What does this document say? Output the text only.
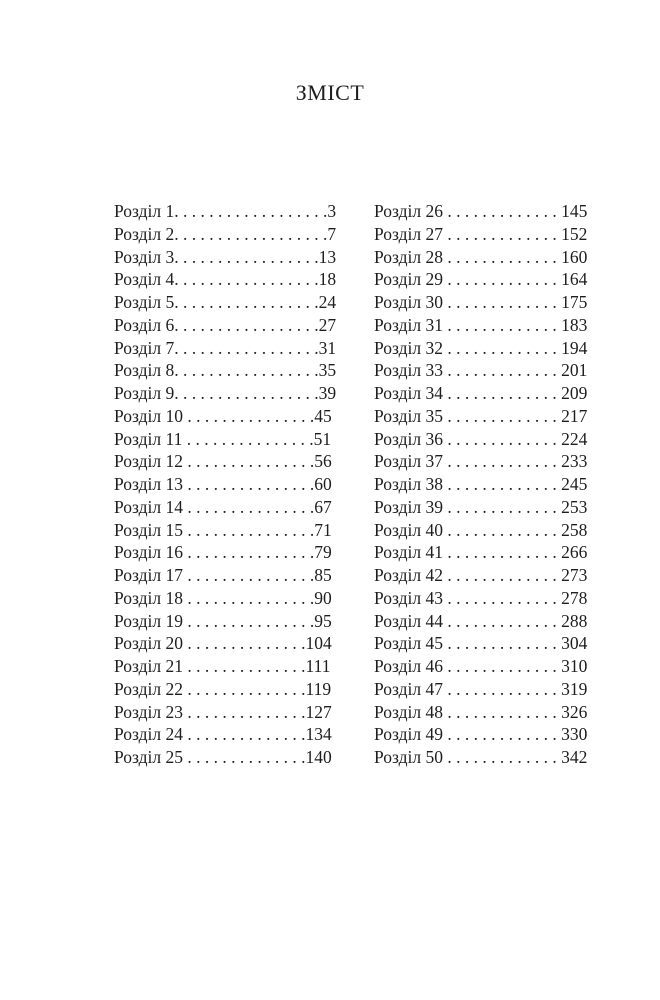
ЗМІСТ
Розділ 1. . . . . . . . . . . . . . . . . .3
Розділ 2. . . . . . . . . . . . . . . . . .7
Розділ 3. . . . . . . . . . . . . . . . .13
Розділ 4. . . . . . . . . . . . . . . . .18
Розділ 5. . . . . . . . . . . . . . . . .24
Розділ 6. . . . . . . . . . . . . . . . .27
Розділ 7. . . . . . . . . . . . . . . . .31
Розділ 8. . . . . . . . . . . . . . . . .35
Розділ 9. . . . . . . . . . . . . . . . .39
Розділ 10 . . . . . . . . . . . . . . .45
Розділ 11 . . . . . . . . . . . . . . .51
Розділ 12 . . . . . . . . . . . . . . .56
Розділ 13 . . . . . . . . . . . . . . .60
Розділ 14 . . . . . . . . . . . . . . .67
Розділ 15 . . . . . . . . . . . . . . .71
Розділ 16 . . . . . . . . . . . . . . .79
Розділ 17 . . . . . . . . . . . . . . .85
Розділ 18 . . . . . . . . . . . . . . .90
Розділ 19 . . . . . . . . . . . . . . .95
Розділ 20 . . . . . . . . . . . . . .104
Розділ 21 . . . . . . . . . . . . . .111
Розділ 22 . . . . . . . . . . . . . .119
Розділ 23 . . . . . . . . . . . . . .127
Розділ 24 . . . . . . . . . . . . . .134
Розділ 25 . . . . . . . . . . . . . .140
Розділ 26 . . . . . . . . . . . . . 145
Розділ 27 . . . . . . . . . . . . . 152
Розділ 28 . . . . . . . . . . . . . 160
Розділ 29 . . . . . . . . . . . . . 164
Розділ 30 . . . . . . . . . . . . . 175
Розділ 31 . . . . . . . . . . . . . 183
Розділ 32 . . . . . . . . . . . . . 194
Розділ 33 . . . . . . . . . . . . . 201
Розділ 34 . . . . . . . . . . . . . 209
Розділ 35 . . . . . . . . . . . . . 217
Розділ 36 . . . . . . . . . . . . . 224
Розділ 37 . . . . . . . . . . . . . 233
Розділ 38 . . . . . . . . . . . . . 245
Розділ 39 . . . . . . . . . . . . . 253
Розділ 40 . . . . . . . . . . . . . 258
Розділ 41 . . . . . . . . . . . . . 266
Розділ 42 . . . . . . . . . . . . . 273
Розділ 43 . . . . . . . . . . . . . 278
Розділ 44 . . . . . . . . . . . . . 288
Розділ 45 . . . . . . . . . . . . . 304
Розділ 46 . . . . . . . . . . . . . 310
Розділ 47 . . . . . . . . . . . . . 319
Розділ 48 . . . . . . . . . . . . . 326
Розділ 49 . . . . . . . . . . . . . 330
Розділ 50 . . . . . . . . . . . . . 342
